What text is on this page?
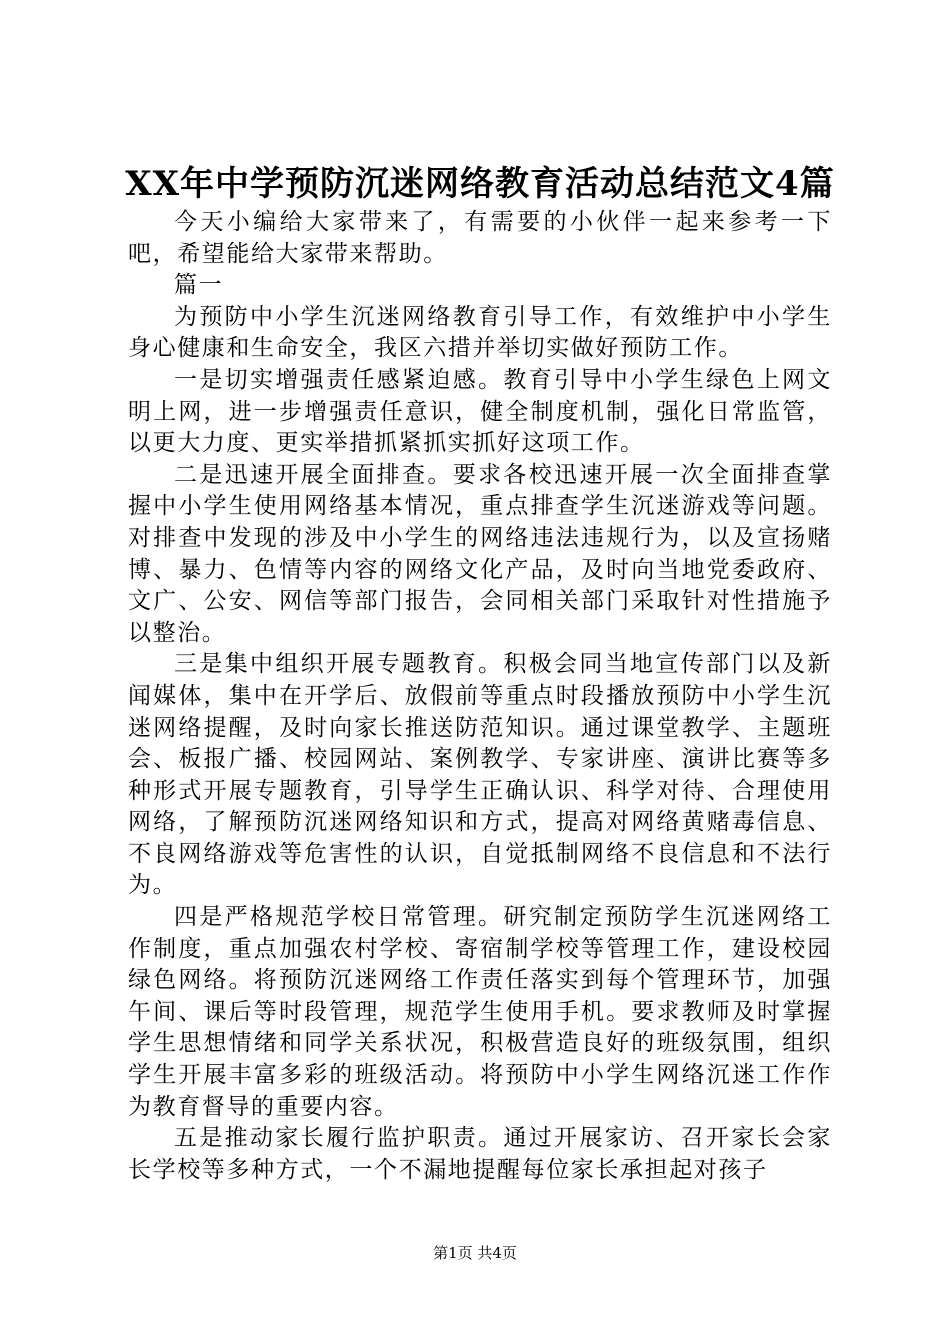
XX年中学预防沉迷网络教育活动总结范文4篇

今天小编给大家带来了，有需要的小伙伴一起来参考一下吧，希望能给大家带来帮助。

篇一

为预防中小学生沉迷网络教育引导工作，有效维护中小学生身心健康和生命安全，我区六措并举切实做好预防工作。

一是切实增强责任感紧迫感。教育引导中小学生绿色上网文明上网，进一步增强责任意识，健全制度机制，强化日常监管，以更大力度、更实举措抓紧抓实抓好这项工作。

二是迅速开展全面排查。要求各校迅速开展一次全面排查掌握中小学生使用网络基本情况，重点排查学生沉迷游戏等问题。对排查中发现的涉及中小学生的网络违法违规行为，以及宣扬赌博、暴力、色情等内容的网络文化产品，及时向当地党委政府、文广、公安、网信等部门报告，会同相关部门采取针对性措施予以整治。

三是集中组织开展专题教育。积极会同当地宣传部门以及新闻媒体，集中在开学后、放假前等重点时段播放预防中小学生沉迷网络提醒，及时向家长推送防范知识。通过课堂教学、主题班会、板报广播、校园网站、案例教学、专家讲座、演讲比赛等多种形式开展专题教育，引导学生正确认识、科学对待、合理使用网络，了解预防沉迷网络知识和方式，提高对网络黄赌毒信息、不良网络游戏等危害性的认识，自觉抵制网络不良信息和不法行为。

四是严格规范学校日常管理。研究制定预防学生沉迷网络工作制度，重点加强农村学校、寄宿制学校等管理工作，建设校园绿色网络。将预防沉迷网络工作责任落实到每个管理环节，加强午间、课后等时段管理，规范学生使用手机。要求教师及时掌握学生思想情绪和同学关系状况，积极营造良好的班级氛围，组织学生开展丰富多彩的班级活动。将预防中小学生网络沉迷工作作为教育督导的重要内容。

五是推动家长履行监护职责。通过开展家访、召开家长会家长学校等多种方式，一个不漏地提醒每位家长承担起对孩子

第1页 共4页
